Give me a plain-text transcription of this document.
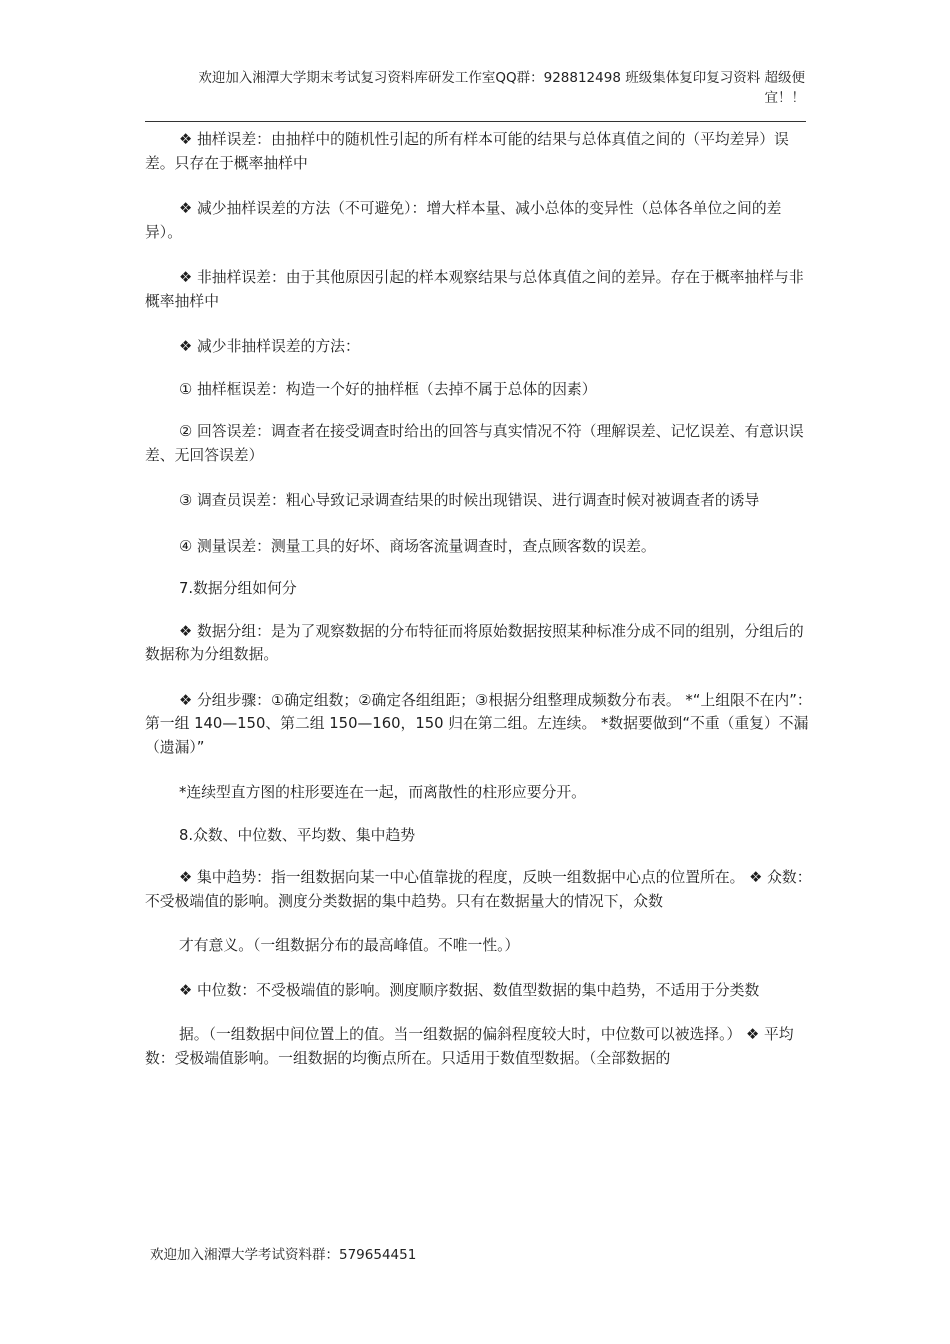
欢迎加入湘潭大学期末考试复习资料库研发工作室QQ群：928812498 班级集体复印复习资料 超级便
宜！！

❖ 抽样误差：由抽样中的随机性引起的所有样本可能的结果与总体真值之间的（平均差异）误差。只存在于概率抽样中

❖ 减少抽样误差的方法（不可避免）：增大样本量、减小总体的变异性（总体各单位之间的差异）。

❖ 非抽样误差：由于其他原因引起的样本观察结果与总体真值之间的差异。存在于概率抽样与非概率抽样中

❖ 减少非抽样误差的方法：

① 抽样框误差：构造一个好的抽样框（去掉不属于总体的因素）

② 回答误差：调查者在接受调查时给出的回答与真实情况不符（理解误差、记忆误差、有意识误差、无回答误差）

③ 调查员误差：粗心导致记录调查结果的时候出现错误、进行调查时候对被调查者的诱导

④ 测量误差：测量工具的好坏、商场客流量调查时，查点顾客数的误差。

7.数据分组如何分

❖ 数据分组：是为了观察数据的分布特征而将原始数据按照某种标准分成不同的组别，分组后的数据称为分组数据。

❖ 分组步骤：①确定组数；②确定各组组距；③根据分组整理成频数分布表。 *“上组限不在内”：第一组 140—150、第二组 150—160，150 归在第二组。左连续。 *数据要做到“不重（重复）不漏（遗漏）”

*连续型直方图的柱形要连在一起，而离散性的柱形应要分开。

8.众数、中位数、平均数、集中趋势

❖ 集中趋势：指一组数据向某一中心值靠拢的程度，反映一组数据中心点的位置所在。 ❖ 众数：不受极端值的影响。测度分类数据的集中趋势。只有在数据量大的情况下，众数

才有意义。（一组数据分布的最高峰值。不唯一性。）

❖ 中位数：不受极端值的影响。测度顺序数据、数值型数据的集中趋势，不适用于分类数

据。（一组数据中间位置上的值。当一组数据的偏斜程度较大时，中位数可以被选择。） ❖ 平均数：受极端值影响。一组数据的均衡点所在。只适用于数值型数据。（全部数据的

欢迎加入湘潭大学考试资料群：579654451
